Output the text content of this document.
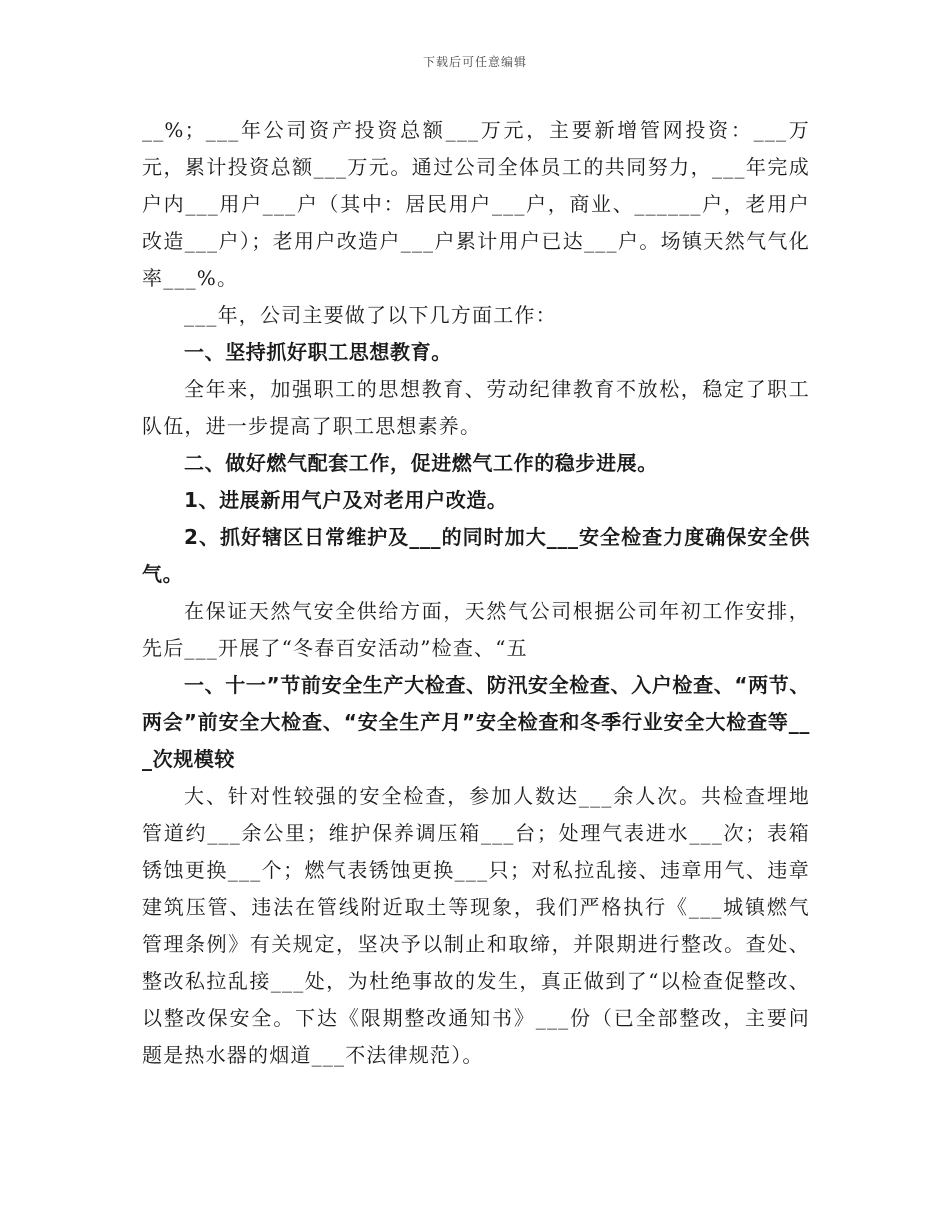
下载后可任意编辑

__%；___年公司资产投资总额___万元，主要新增管网投资：___万元，累计投资总额___万元。通过公司全体员工的共同努力，___年完成户内___用户___户（其中：居民用户___户，商业、______户，老用户改造___户）；老用户改造户___户累计用户已达___户。场镇天然气气化率___%。

___年，公司主要做了以下几方面工作：

一、坚持抓好职工思想教育。

全年来，加强职工的思想教育、劳动纪律教育不放松，稳定了职工队伍，进一步提高了职工思想素养。

二、做好燃气配套工作，促进燃气工作的稳步进展。

1、进展新用气户及对老用户改造。

2、抓好辖区日常维护及___的同时加大___安全检查力度确保安全供气。

在保证天然气安全供给方面，天然气公司根据公司年初工作安排，先后___开展了“冬春百安活动”检查、“五

一、十一”节前安全生产大检查、防汛安全检查、入户检查、“两节、两会”前安全大检查、“安全生产月”安全检查和冬季行业安全大检查等___次规模较

大、针对性较强的安全检查，参加人数达___余人次。共检查埋地管道约___余公里；维护保养调压箱___台；处理气表进水___次；表箱锈蚀更换___个；燃气表锈蚀更换___只；对私拉乱接、违章用气、违章建筑压管、违法在管线附近取土等现象，我们严格执行《___城镇燃气管理条例》有关规定，坚决予以制止和取缔，并限期进行整改。查处、整改私拉乱接___处，为杜绝事故的发生，真正做到了“以检查促整改、以整改保安全。下达《限期整改通知书》___份（已全部整改，主要问题是热水器的烟道___不法律规范）。
